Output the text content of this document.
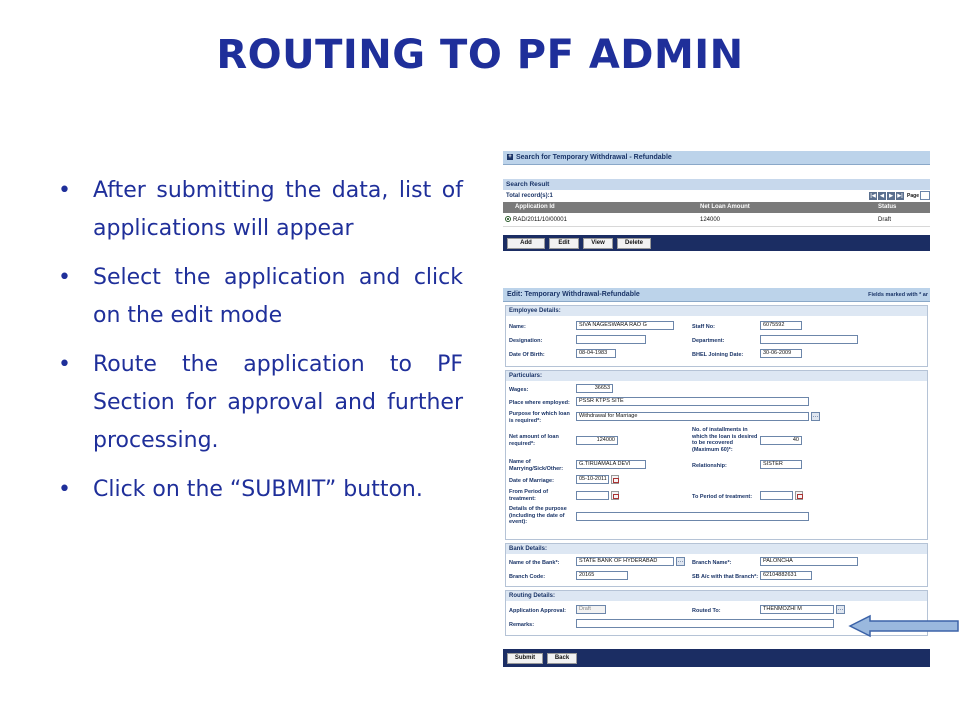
ROUTING TO PF ADMIN
• After submitting the data, list of applications will appear
• Select the application and click on the edit mode
• Route the application to PF Section for approval and further processing.
• Click on the “SUBMIT” button.
+ Search for Temporary Withdrawal - Refundable
Search Result
Total record(s):1	|◀ ◀	▶ ▶| Page
Application Id	Net Loan Amount	Status
RAD/2011/10/00001	124000	Draft
Add	Edit	View	Delete
Edit: Temporary Withdrawal-Refundable	Fields marked with * ar
Employee Details:
Name:	SIVA NAGESWARA RAO G	Staff No:	6075592
Designation:	Department:
Date Of Birth:	08-04-1983	BHEL Joining Date:	30-06-2009
Particulars:
Wages:	36653
Place where employed:	PSSR KTPS SITE
Purpose for which loan is required*:
Withdrawal for Marriage	…
Net amount of loan required*:
124000
No. of installments in which the loan is desired to be recovered (Maximum 60)*:
40
Name of Marrying/Sick/Other:
G.TIRUAMALA DEVI	Relationship:	SISTER
Date of Marriage:	05-10-2011
From Period of treatment:	To Period of treatment:
Details of the purpose (including the date of event):
Bank Details:
Name of the Bank*:	STATE BANK OF HYDERABAD	… Branch Name*:	PALONCHA
Branch Code:	20165	SB A/c with that Branch*: 62104882631
Routing Details:
Application Approval:	Draft	Routed To:	THENMOZHI M	…
Remarks:
Submit	Back
